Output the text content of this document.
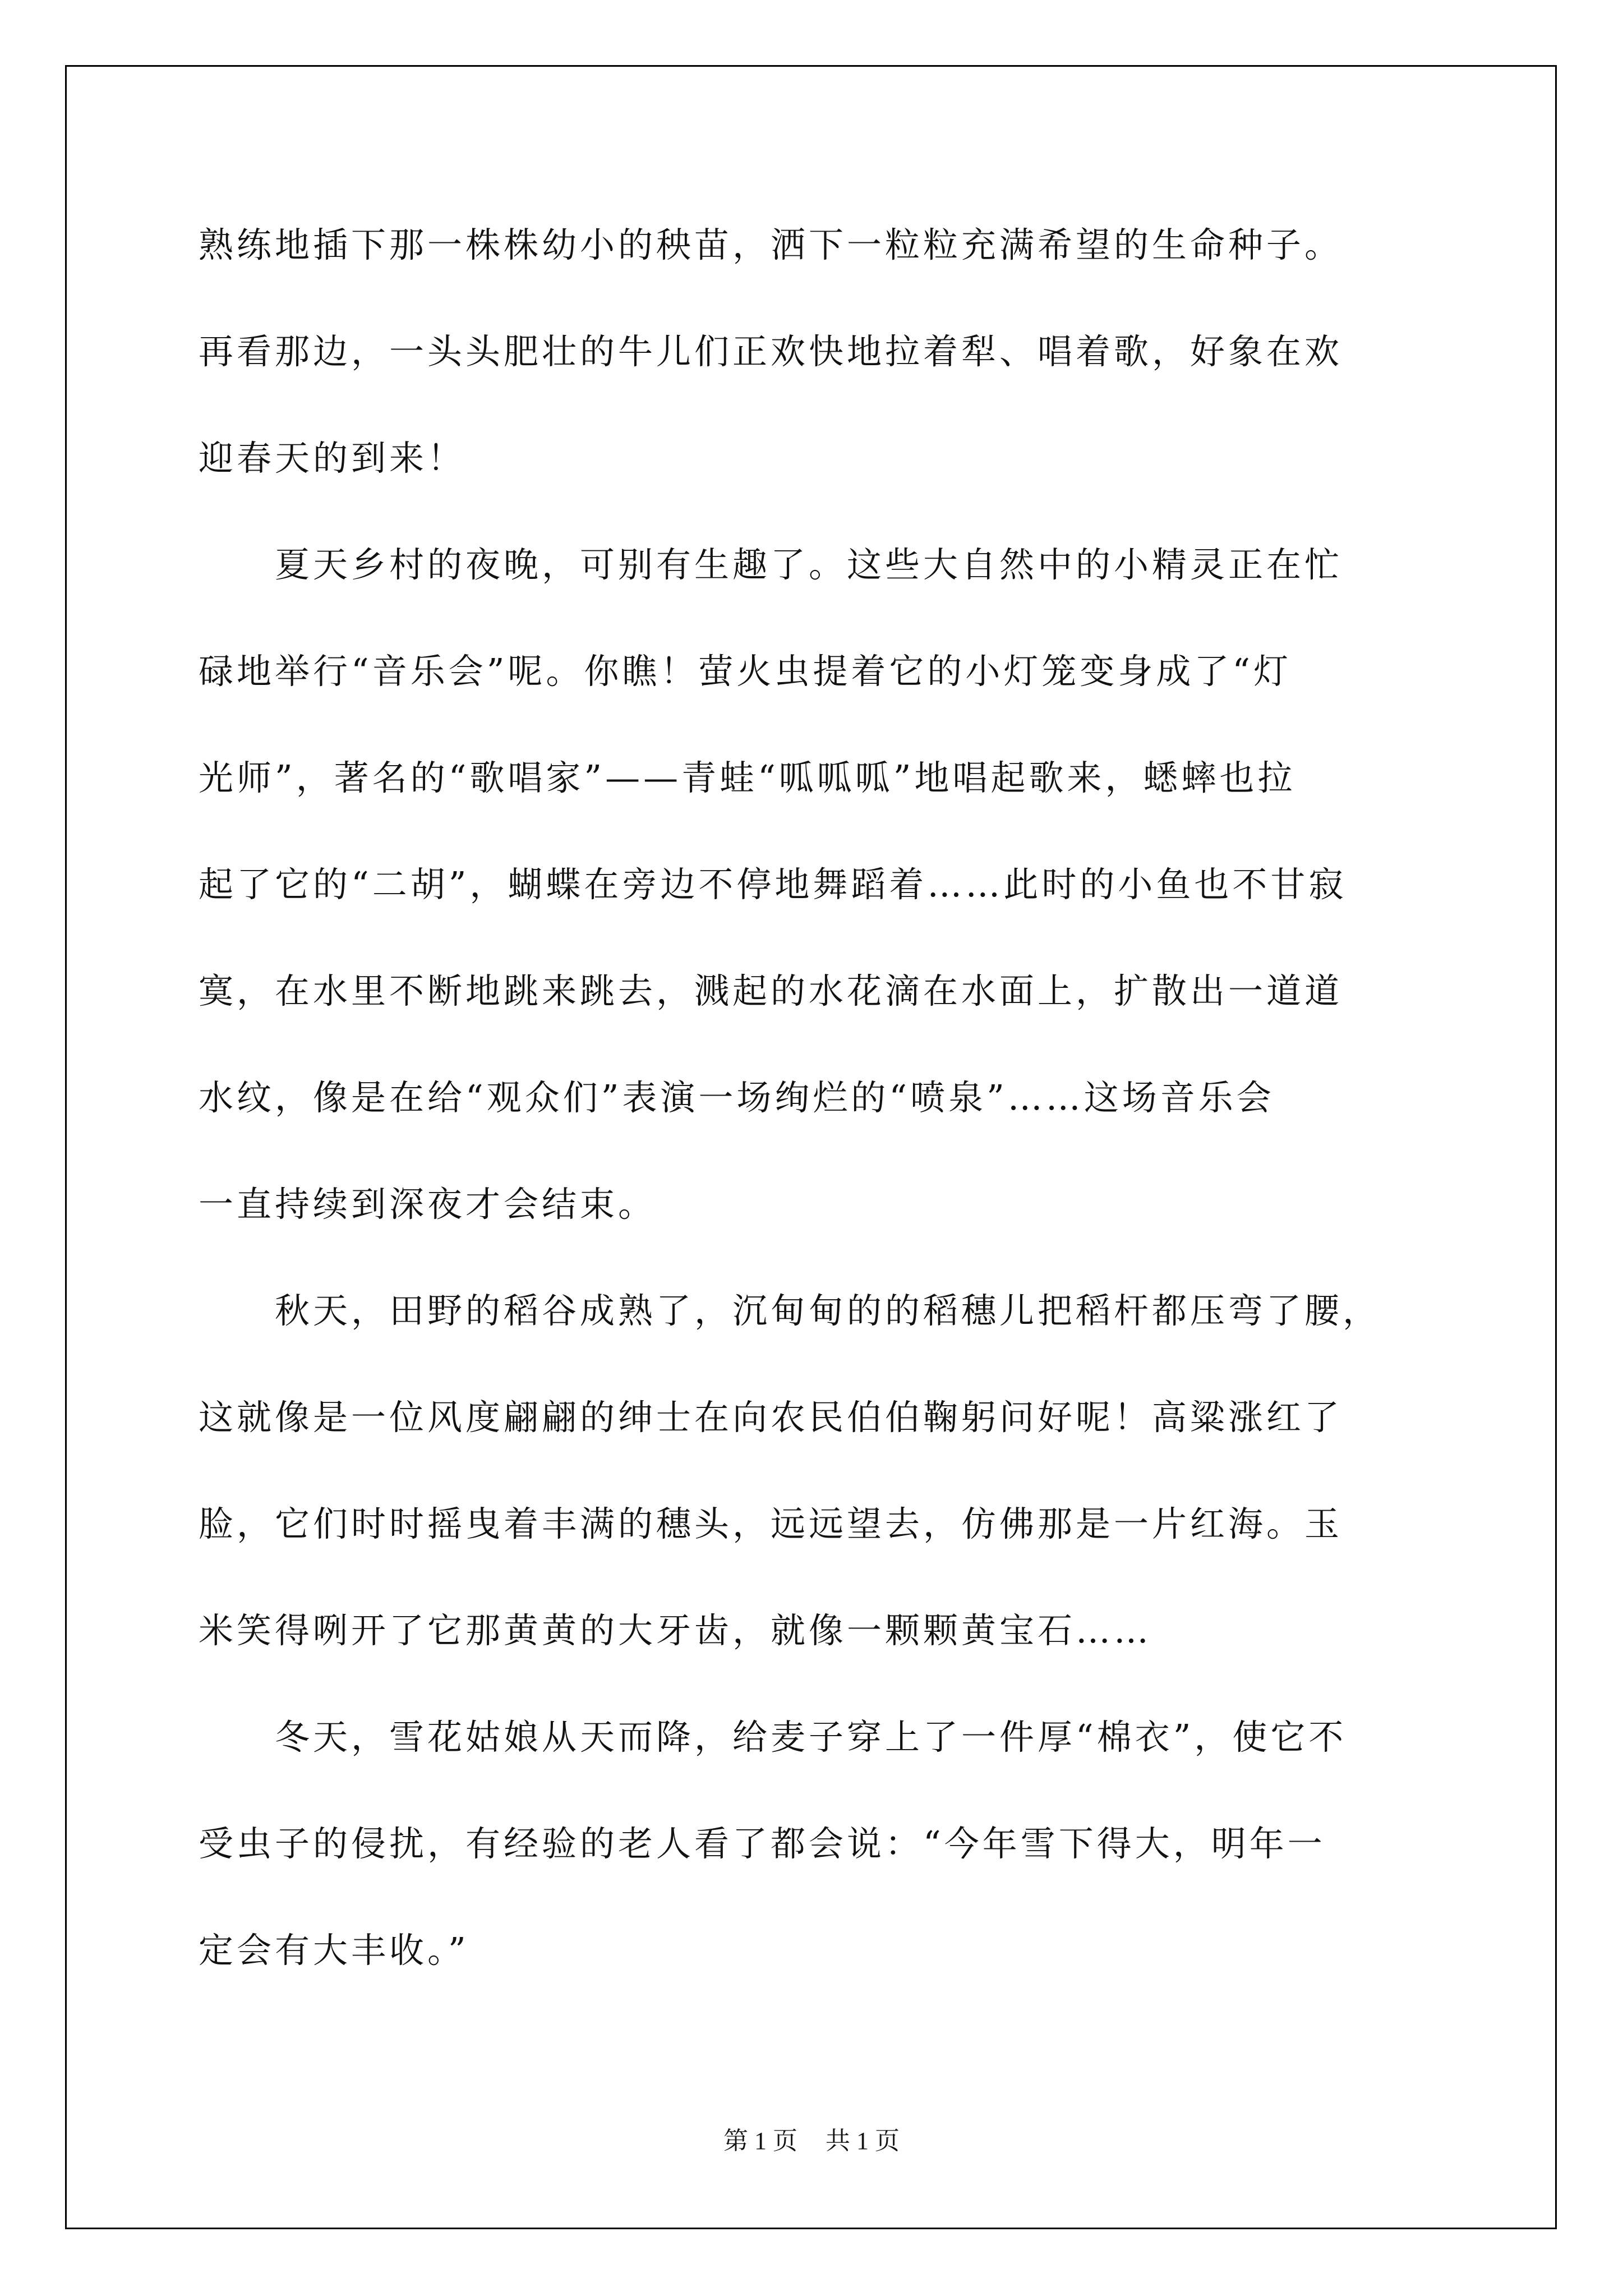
熟练地插下那一株株幼小的秧苗，洒下一粒粒充满希望的生命种子。
再看那边，一头头肥壮的牛儿们正欢快地拉着犁、唱着歌，好象在欢
迎春天的到来！
　　夏天乡村的夜晚，可别有生趣了。这些大自然中的小精灵正在忙
碌地举行“音乐会”呢。你瞧！萤火虫提着它的小灯笼变身成了“灯
光师”，著名的“歌唱家”——青蛙“呱呱呱”地唱起歌来，蟋蟀也拉
起了它的“二胡”，蝴蝶在旁边不停地舞蹈着……此时的小鱼也不甘寂
寞，在水里不断地跳来跳去，溅起的水花滴在水面上，扩散出一道道
水纹，像是在给“观众们”表演一场绚烂的“喷泉”……这场音乐会
一直持续到深夜才会结束。
　　秋天，田野的稻谷成熟了，沉甸甸的的稻穗儿把稻杆都压弯了腰，
这就像是一位风度翩翩的绅士在向农民伯伯鞠躬问好呢！高粱涨红了
脸，它们时时摇曳着丰满的穗头，远远望去，仿佛那是一片红海。玉
米笑得咧开了它那黄黄的大牙齿，就像一颗颗黄宝石……
　　冬天，雪花姑娘从天而降，给麦子穿上了一件厚“棉衣”，使它不
受虫子的侵扰，有经验的老人看了都会说：“今年雪下得大，明年一
定会有大丰收。”
第 1 页 共 1 页
